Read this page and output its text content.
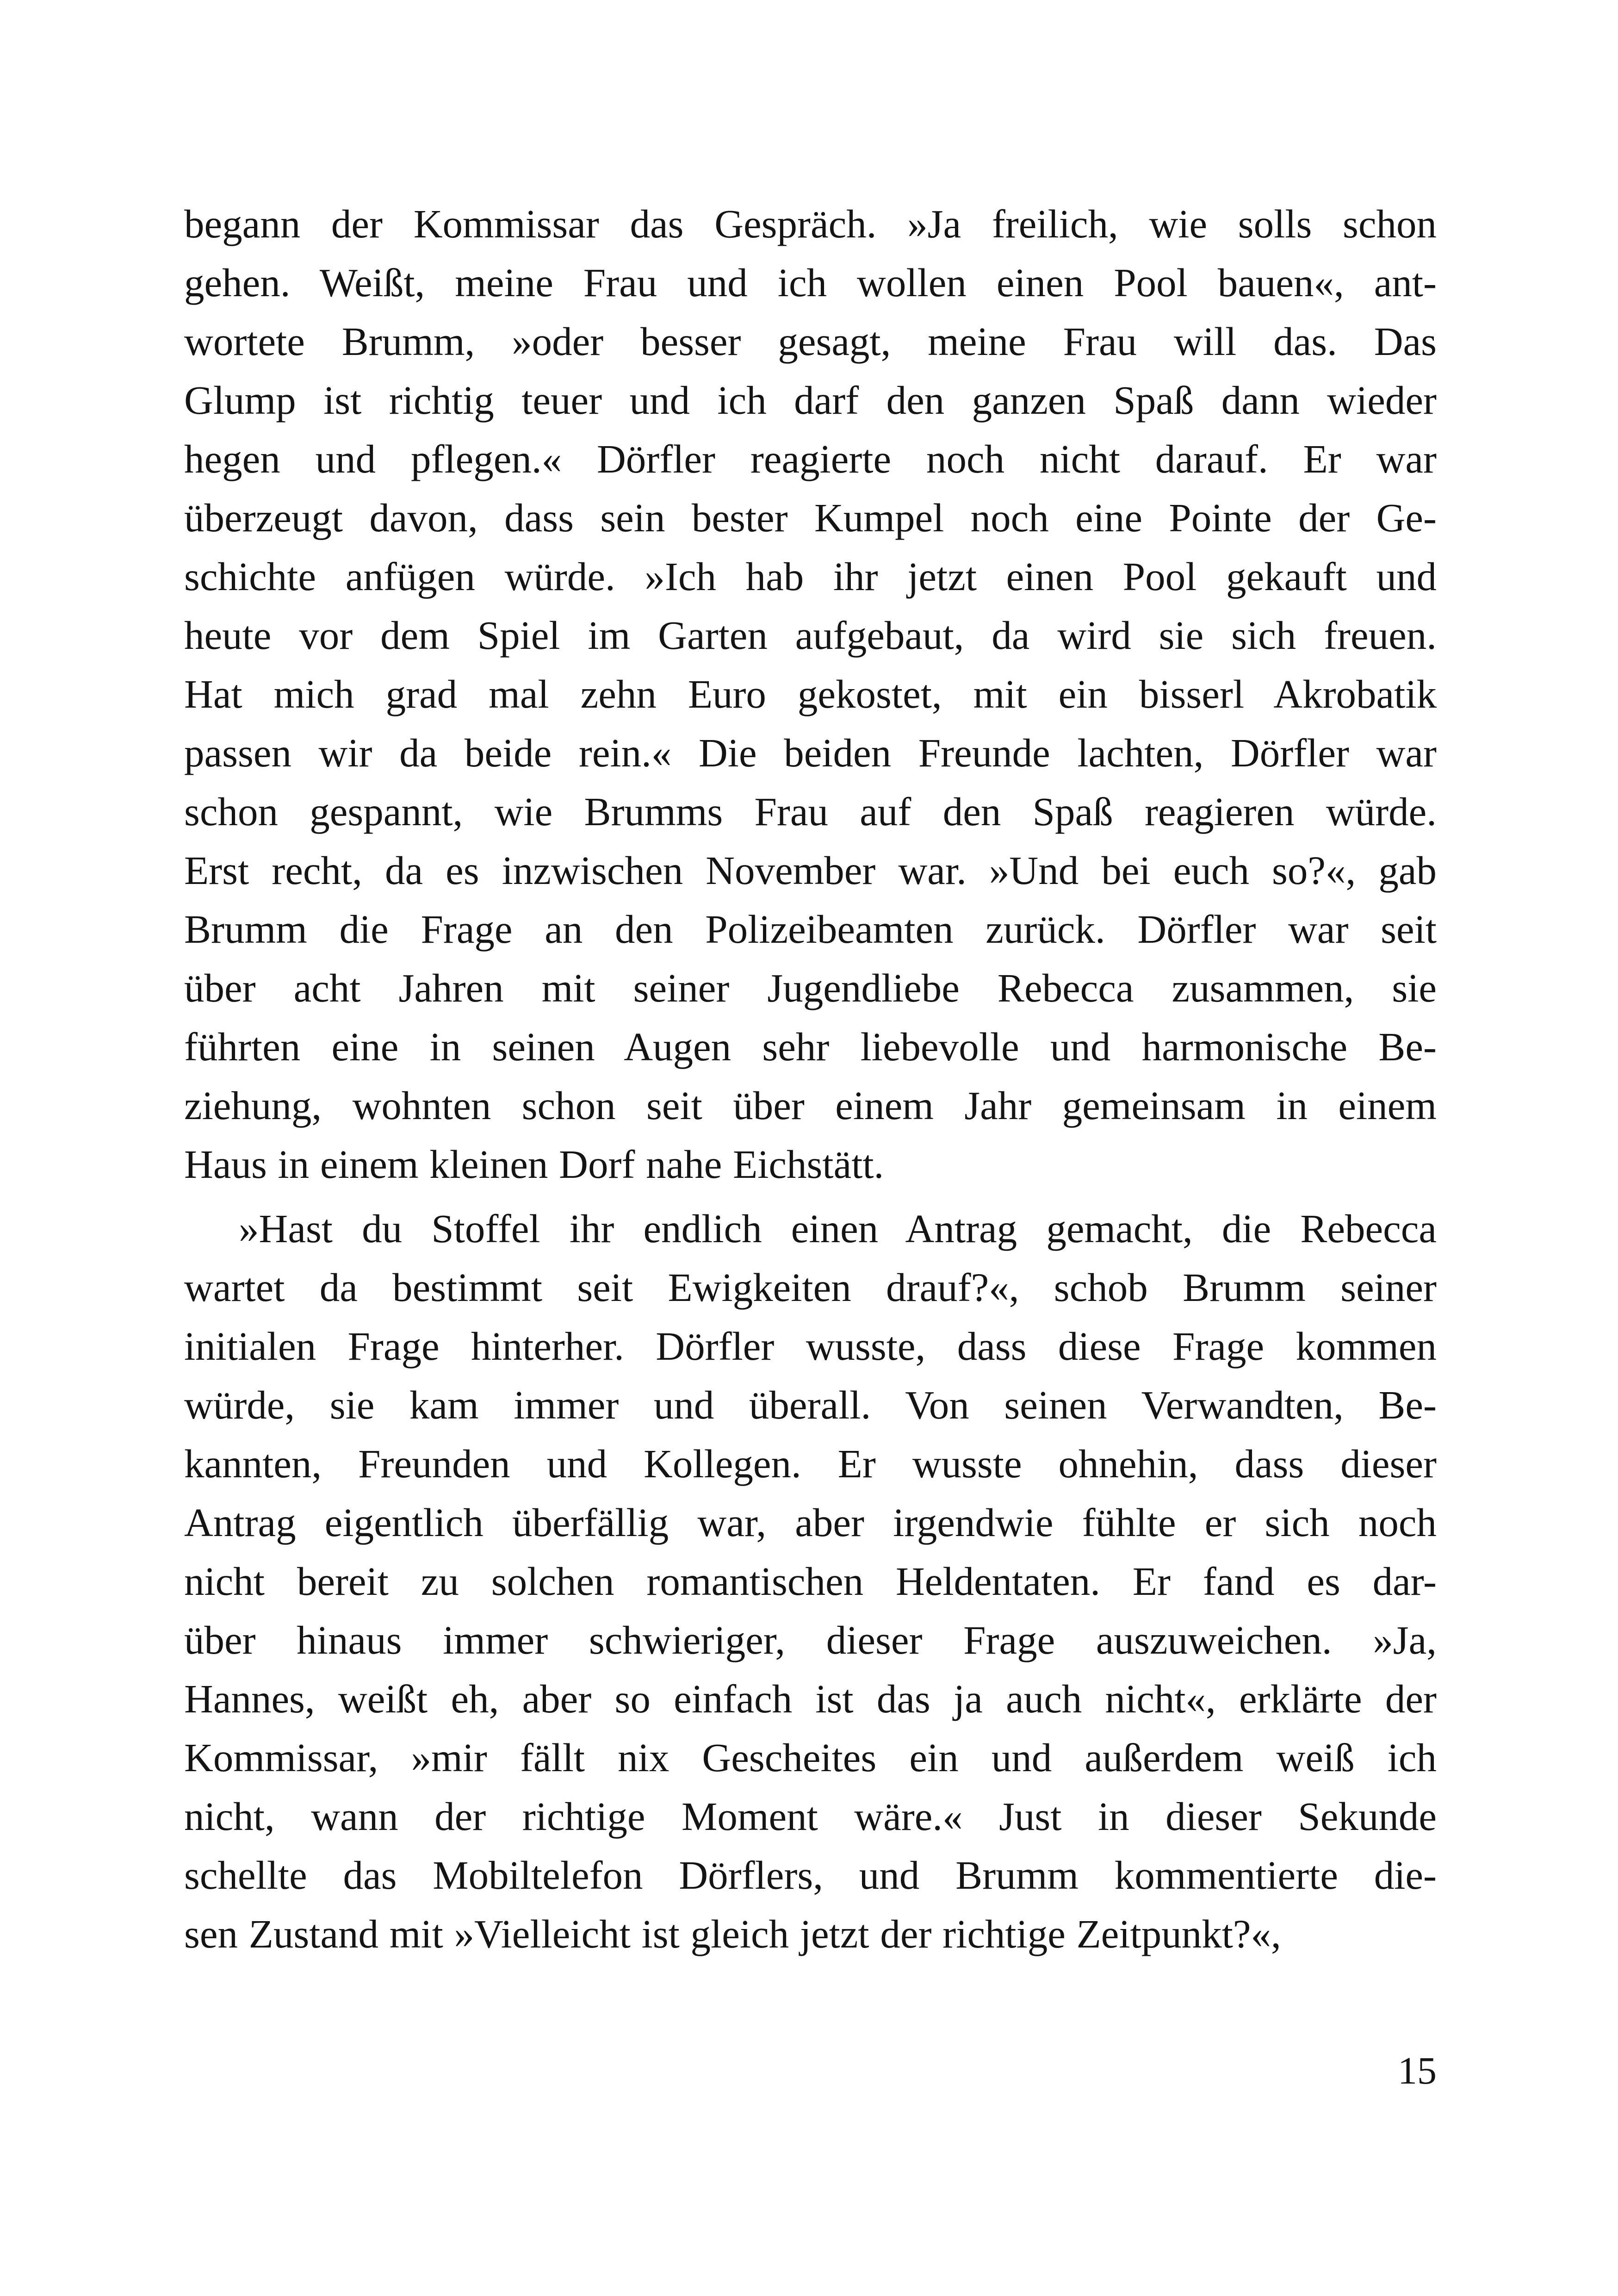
begann der Kommissar das Gespräch. »Ja freilich, wie solls schon
gehen. Weißt, meine Frau und ich wollen einen Pool bauen«, ant-
wortete Brumm, »oder besser gesagt, meine Frau will das. Das
Glump ist richtig teuer und ich darf den ganzen Spaß dann wieder
hegen und pflegen.« Dörfler reagierte noch nicht darauf. Er war
überzeugt davon, dass sein bester Kumpel noch eine Pointe der Ge-
schichte anfügen würde. »Ich hab ihr jetzt einen Pool gekauft und
heute vor dem Spiel im Garten aufgebaut, da wird sie sich freuen.
Hat mich grad mal zehn Euro gekostet, mit ein bisserl Akrobatik
passen wir da beide rein.« Die beiden Freunde lachten, Dörfler war
schon gespannt, wie Brumms Frau auf den Spaß reagieren würde.
Erst recht, da es inzwischen November war. »Und bei euch so?«, gab
Brumm die Frage an den Polizeibeamten zurück. Dörfler war seit
über acht Jahren mit seiner Jugendliebe Rebecca zusammen, sie
führten eine in seinen Augen sehr liebevolle und harmonische Be-
ziehung, wohnten schon seit über einem Jahr gemeinsam in einem
Haus in einem kleinen Dorf nahe Eichstätt.
»Hast du Stoffel ihr endlich einen Antrag gemacht, die Rebecca
wartet da bestimmt seit Ewigkeiten drauf?«, schob Brumm seiner
initialen Frage hinterher. Dörfler wusste, dass diese Frage kommen
würde, sie kam immer und überall. Von seinen Verwandten, Be-
kannten, Freunden und Kollegen. Er wusste ohnehin, dass dieser
Antrag eigentlich überfällig war, aber irgendwie fühlte er sich noch
nicht bereit zu solchen romantischen Heldentaten. Er fand es dar-
über hinaus immer schwieriger, dieser Frage auszuweichen. »Ja,
Hannes, weißt eh, aber so einfach ist das ja auch nicht«, erklärte der
Kommissar, »mir fällt nix Gescheites ein und außerdem weiß ich
nicht, wann der richtige Moment wäre.« Just in dieser Sekunde
schellte das Mobiltelefon Dörflers, und Brumm kommentierte die-
sen Zustand mit »Vielleicht ist gleich jetzt der richtige Zeitpunkt?«,
15
